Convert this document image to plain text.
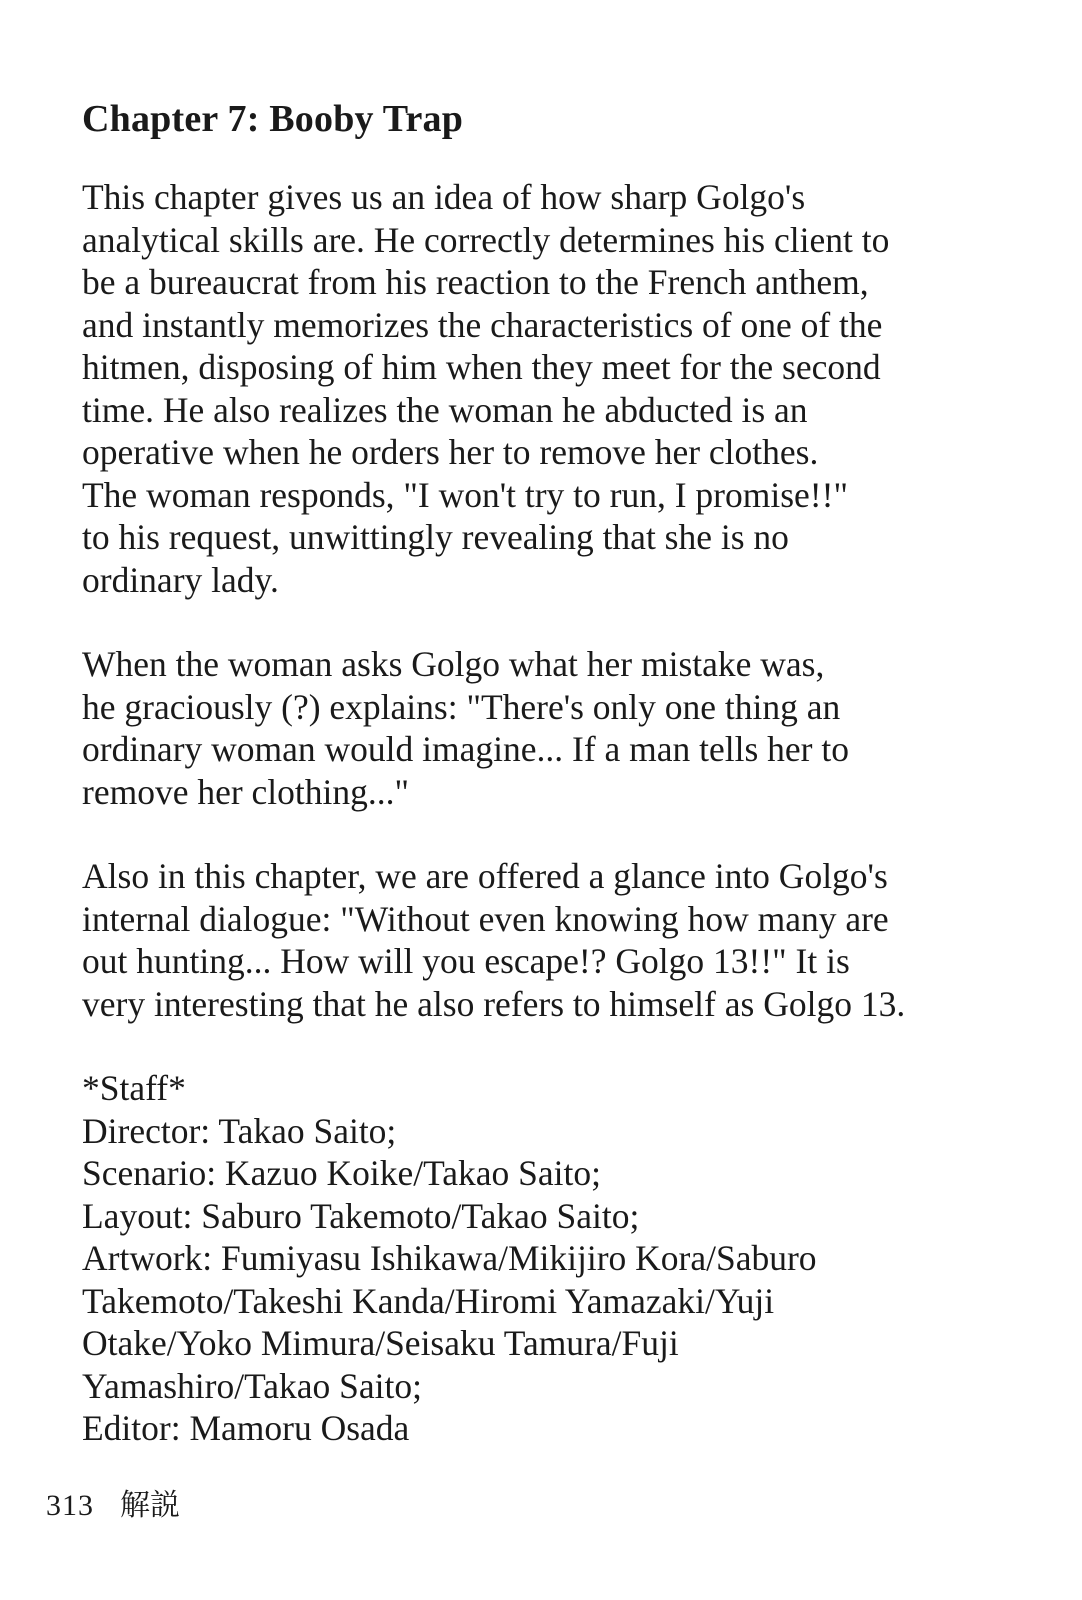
Chapter 7: Booby Trap

This chapter gives us an idea of how sharp Golgo's
analytical skills are. He correctly determines his client to
be a bureaucrat from his reaction to the French anthem,
and instantly memorizes the characteristics of one of the
hitmen, disposing of him when they meet for the second
time. He also realizes the woman he abducted is an
operative when he orders her to remove her clothes.
The woman responds, "I won't try to run, I promise!!"
to his request, unwittingly revealing that she is no
ordinary lady.

When the woman asks Golgo what her mistake was,
he graciously (?) explains: "There's only one thing an
ordinary woman would imagine... If a man tells her to
remove her clothing..."

Also in this chapter, we are offered a glance into Golgo's
internal dialogue: "Without even knowing how many are
out hunting... How will you escape!? Golgo 13!!" It is
very interesting that he also refers to himself as Golgo 13.

*Staff*
Director: Takao Saito;
Scenario: Kazuo Koike/Takao Saito;
Layout: Saburo Takemoto/Takao Saito;
Artwork: Fumiyasu Ishikawa/Mikijiro Kora/Saburo
Takemoto/Takeshi Kanda/Hiromi Yamazaki/Yuji
Otake/Yoko Mimura/Seisaku Tamura/Fuji
Yamashiro/Takao Saito;
Editor: Mamoru Osada
313 解説
